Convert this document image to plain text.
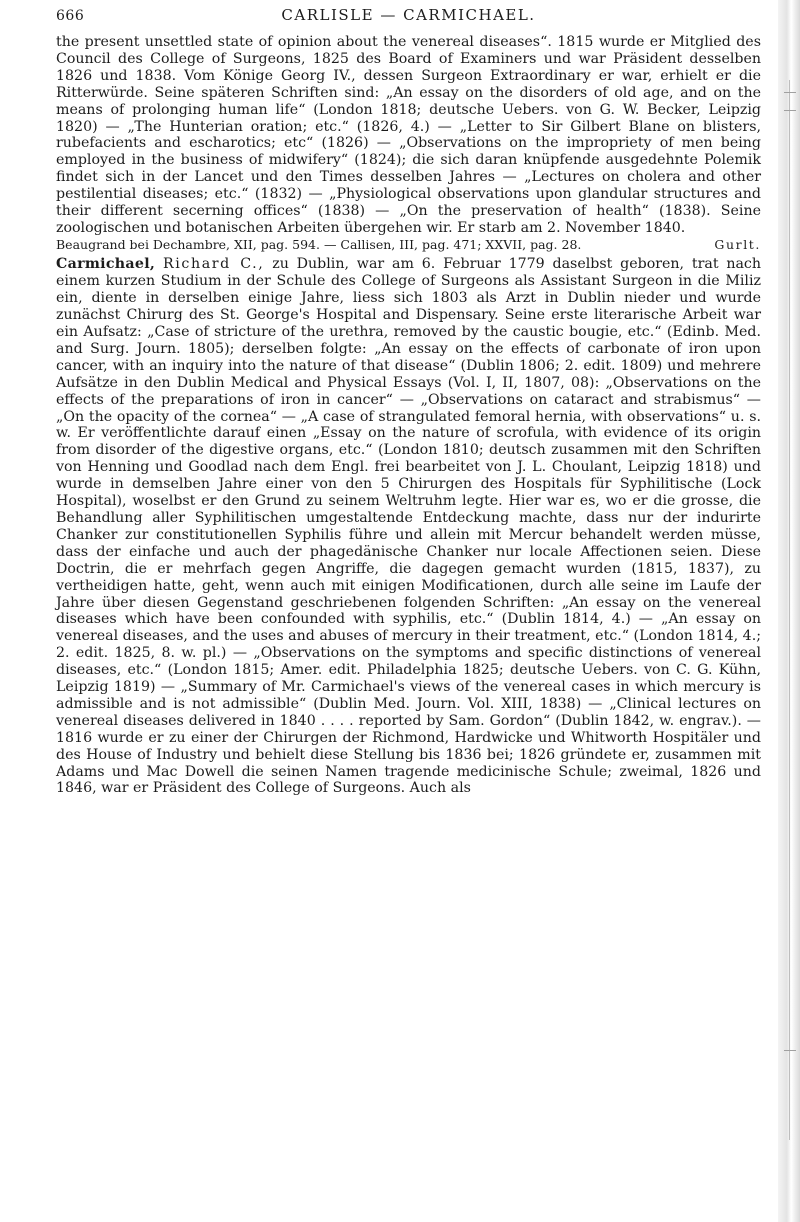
666	CARLISLE — CARMICHAEL.

the present unsettled state of opinion about the venereal diseases“. 1815 wurde er Mitglied des Council des College of Surgeons, 1825 des Board of Examiners und war Präsident desselben 1826 und 1838. Vom Könige Georg IV., dessen Surgeon Extraordinary er war, erhielt er die Ritterwürde. Seine späteren Schriften sind: „An essay on the disorders of old age, and on the means of prolonging human life“ (London 1818; deutsche Uebers. von G. W. Becker, Leipzig 1820) — „The Hunterian oration; etc.“ (1826, 4.) — „Letter to Sir Gilbert Blane on blisters, rubefacients and escharotics; etc“ (1826) — „Observations on the impropriety of men being employed in the business of midwifery“ (1824); die sich daran knüpfende ausgedehnte Polemik findet sich in der Lancet und den Times desselben Jahres — „Lectures on cholera and other pestilential diseases; etc.“ (1832) — „Physiological observations upon glandular structures and their different secerning offices“ (1838) — „On the preservation of health“ (1838). Seine zoologischen und botanischen Arbeiten übergehen wir. Er starb am 2. November 1840.

Gurlt.
Beaugrand bei Dechambre, XII, pag. 594. — Callisen, III, pag. 471; XXVII, pag. 28.

Carmichael, Richard C., zu Dublin, war am 6. Februar 1779 daselbst geboren, trat nach einem kurzen Studium in der Schule des College of Surgeons als Assistant Surgeon in die Miliz ein, diente in derselben einige Jahre, liess sich 1803 als Arzt in Dublin nieder und wurde zunächst Chirurg des St. George's Hospital and Dispensary. Seine erste literarische Arbeit war ein Aufsatz: „Case of stricture of the urethra, removed by the caustic bougie, etc.“ (Edinb. Med. and Surg. Journ. 1805); derselben folgte: „An essay on the effects of carbonate of iron upon cancer, with an inquiry into the nature of that disease“ (Dublin 1806; 2. edit. 1809) und mehrere Aufsätze in den Dublin Medical and Physical Essays (Vol. I, II, 1807, 08): „Observations on the effects of the preparations of iron in cancer“ — „Observations on cataract and strabismus“ — „On the opacity of the cornea“ — „A case of strangulated femoral hernia, with observations“ u. s. w. Er veröffentlichte darauf einen „Essay on the nature of scrofula, with evidence of its origin from disorder of the digestive organs, etc.“ (London 1810; deutsch zusammen mit den Schriften von Henning und Goodlad nach dem Engl. frei bearbeitet von J. L. Choulant, Leipzig 1818) und wurde in demselben Jahre einer von den 5 Chirurgen des Hospitals für Syphilitische (Lock Hospital), woselbst er den Grund zu seinem Weltruhm legte. Hier war es, wo er die grosse, die Behandlung aller Syphilitischen umgestaltende Entdeckung machte, dass nur der indurirte Chanker zur constitutionellen Syphilis führe und allein mit Mercur behandelt werden müsse, dass der einfache und auch der phagedänische Chanker nur locale Affectionen seien. Diese Doctrin, die er mehrfach gegen Angriffe, die dagegen gemacht wurden (1815, 1837), zu vertheidigen hatte, geht, wenn auch mit einigen Modificationen, durch alle seine im Laufe der Jahre über diesen Gegenstand geschriebenen folgenden Schriften: „An essay on the venereal diseases which have been confounded with syphilis, etc.“ (Dublin 1814, 4.) — „An essay on venereal diseases, and the uses and abuses of mercury in their treatment, etc.“ (London 1814, 4.; 2. edit. 1825, 8. w. pl.) — „Observations on the symptoms and specific distinctions of venereal diseases, etc.“ (London 1815; Amer. edit. Philadelphia 1825; deutsche Uebers. von C. G. Kühn, Leipzig 1819) — „Summary of Mr. Carmichael's views of the venereal cases in which mercury is admissible and is not admissible“ (Dublin Med. Journ. Vol. XIII, 1838) — „Clinical lectures on venereal diseases delivered in 1840 . . . . reported by Sam. Gordon“ (Dublin 1842, w. engrav.). — 1816 wurde er zu einer der Chirurgen der Richmond, Hardwicke und Whitworth Hospitäler und des House of Industry und behielt diese Stellung bis 1836 bei; 1826 gründete er, zusammen mit Adams und Mac Dowell die seinen Namen tragende medicinische Schule; zweimal, 1826 und 1846, war er Präsident des College of Surgeons. Auch als
